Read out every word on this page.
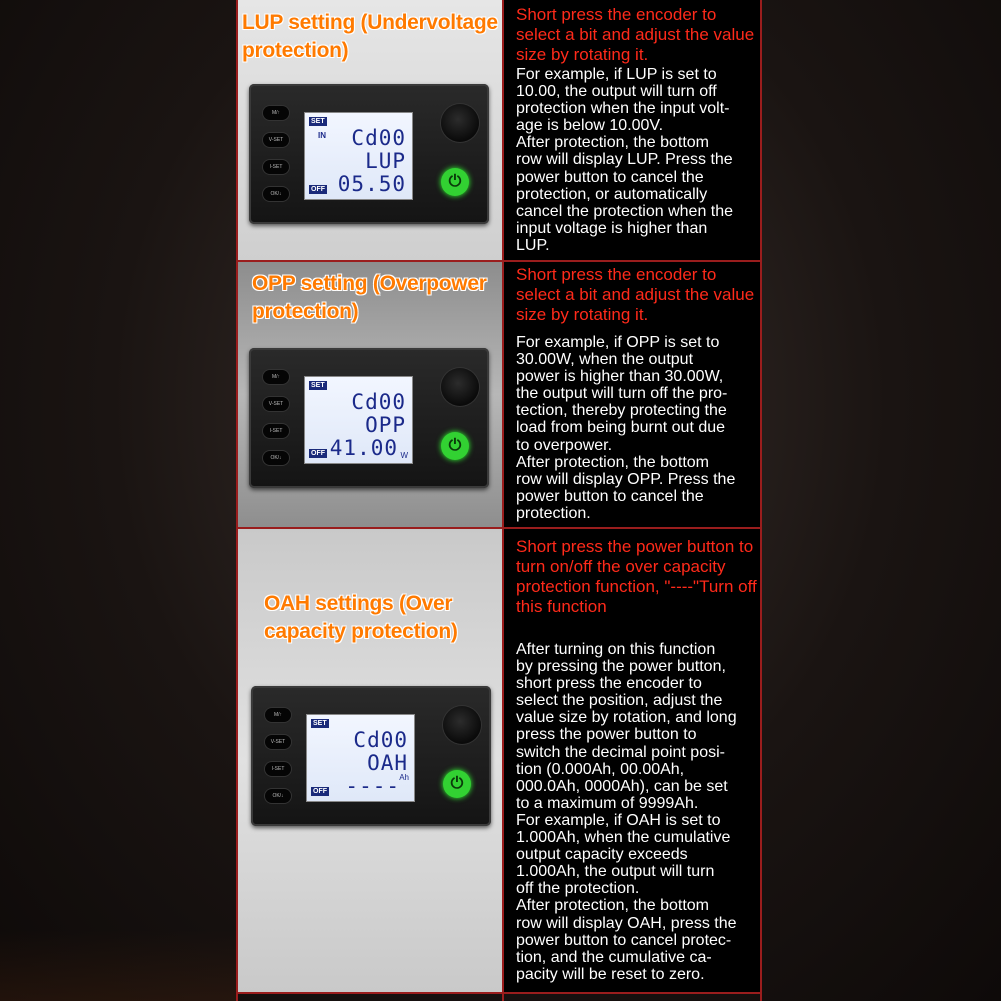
LUP setting (Undervoltage protection)
Short press the encoder to select a bit and adjust the value size by rotating it.
For example, if LUP is set to
10.00, the output will turn off
protection when the input volt-
age is below 10.00V.
After protection, the bottom
row will display LUP. Press the
power button to cancel the
protection, or automatically
cancel the protection when the
input voltage is higher than
LUP.
M/↑
V-SET
I-SET
OK/↓
SET
IN Cd00
LUP
OFF 05.50	⏻
OPP setting (Overpower protection)
Short press the encoder to select a bit and adjust the value size by rotating it.
For example, if OPP is set to
30.00W, when the output
power is higher than 30.00W,
the output will turn off the pro-
tection, thereby protecting the
load from being burnt out due
to overpower.
After protection, the bottom
row will display OPP. Press the
power button to cancel the
protection.
M/↑
V-SET
I-SET
OK/↓
SET
Cd00
OPP
OFF 41.00 W
⏻
OAH settings (Over capacity protection)
Short press the power button to turn on/off the over capacity protection function, "----"Turn off this function
After turning on this function
by pressing the power button,
short press the encoder to
select the position, adjust the
value size by rotation, and long
press the power button to
switch the decimal point posi-
tion (0.000Ah, 00.00Ah,
000.0Ah, 0000Ah), can be set
to a maximum of 9999Ah.
For example, if OAH is set to
1.000Ah, when the cumulative
output capacity exceeds
1.000Ah, the output will turn
off the protection.
After protection, the bottom
row will display OAH, press the
power button to cancel protec-
tion, and the cumulative ca-
pacity will be reset to zero.
M/↑
V-SET
I-SET
OK/↓
SET
Cd00
OAH
Ah
OFF ----	⏻
